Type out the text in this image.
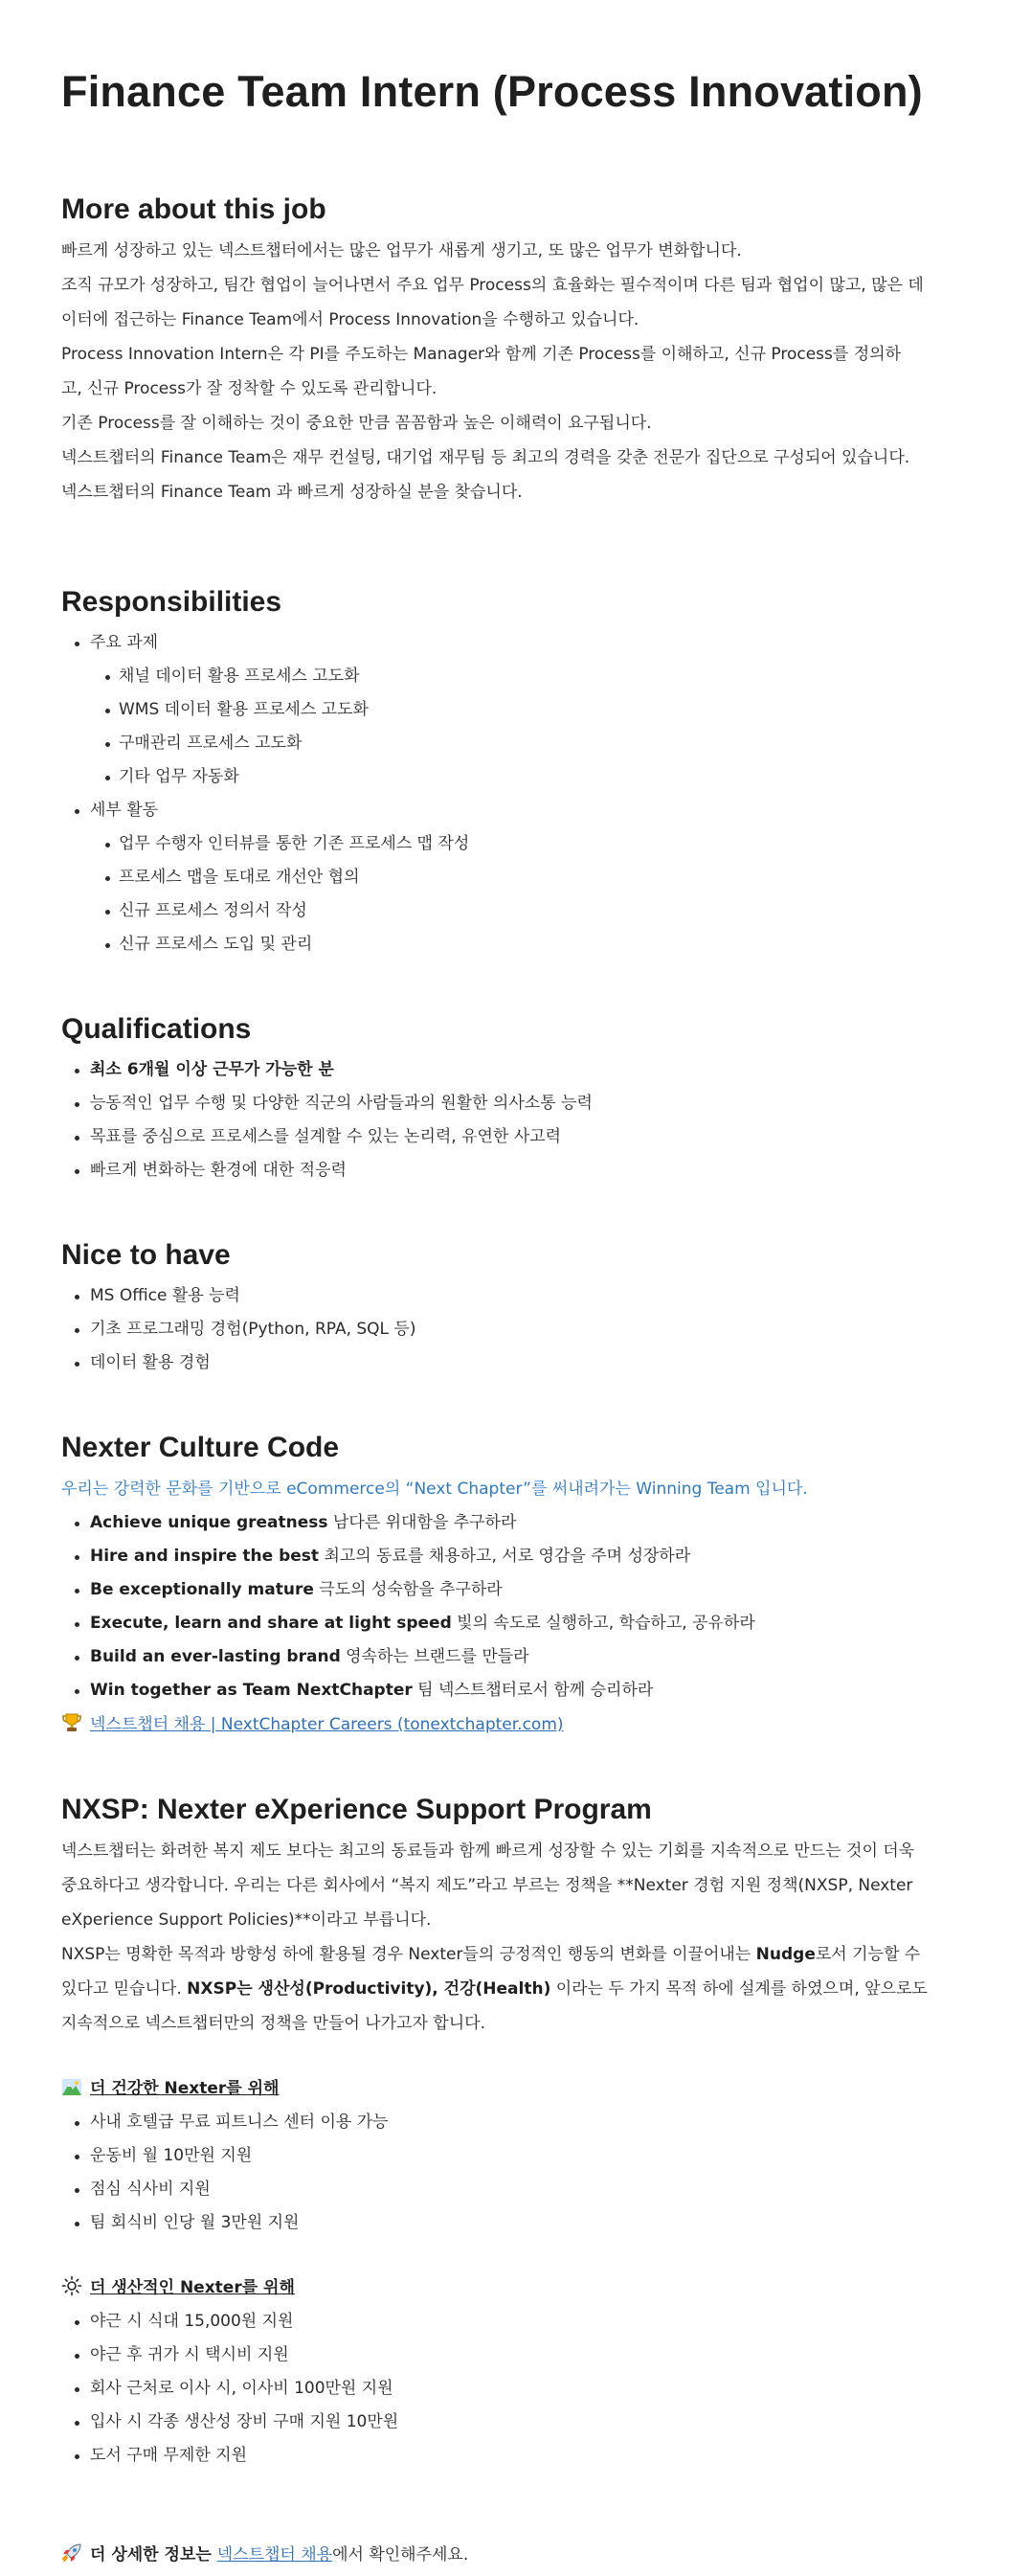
Finance Team Intern (Process Innovation)
More about this job

빠르게 성장하고 있는 넥스트챕터에서는 많은 업무가 새롭게 생기고, 또 많은 업무가 변화합니다.

조직 규모가 성장하고, 팀간 협업이 늘어나면서 주요 업무 Process의 효율화는 필수적이며 다른 팀과 협업이 많고, 많은 데

이터에 접근하는 Finance Team에서 Process Innovation을 수행하고 있습니다.

Process Innovation Intern은 각 PI를 주도하는 Manager와 함께 기존 Process를 이해하고, 신규 Process를 정의하

고, 신규 Process가 잘 정착할 수 있도록 관리합니다.

기존 Process를 잘 이해하는 것이 중요한 만큼 꼼꼼함과 높은 이해력이 요구됩니다.

넥스트챕터의 Finance Team은 재무 컨설팅, 대기업 재무팀 등 최고의 경력을 갖춘 전문가 집단으로 구성되어 있습니다.

넥스트챕터의 Finance Team 과 빠르게 성장하실 분을 찾습니다.

Responsibilities
주요 과제
채널 데이터 활용 프로세스 고도화
WMS 데이터 활용 프로세스 고도화
구매관리 프로세스 고도화
기타 업무 자동화
세부 활동
업무 수행자 인터뷰를 통한 기존 프로세스 맵 작성
프로세스 맵을 토대로 개선안 협의
신규 프로세스 정의서 작성
신규 프로세스 도입 및 관리
Qualifications
최소 6개월 이상 근무가 가능한 분
능동적인 업무 수행 및 다양한 직군의 사람들과의 원활한 의사소통 능력
목표를 중심으로 프로세스를 설계할 수 있는 논리력, 유연한 사고력
빠르게 변화하는 환경에 대한 적응력
Nice to have
MS Office 활용 능력
기초 프로그래밍 경험(Python, RPA, SQL 등)
데이터 활용 경험
Nexter Culture Code
우리는 강력한 문화를 기반으로 eCommerce의 “Next Chapter”를 써내려가는 Winning Team 입니다.
Achieve unique greatness 남다른 위대함을 추구하라
Hire and inspire the best 최고의 동료를 채용하고, 서로 영감을 주며 성장하라
Be exceptionally mature 극도의 성숙함을 추구하라
Execute, learn and share at light speed 빛의 속도로 실행하고, 학습하고, 공유하라
Build an ever-lasting brand 영속하는 브랜드를 만들라
Win together as Team NextChapter 팀 넥스트챕터로서 함께 승리하라

넥스트챕터 채용 | NextChapter Careers (tonextchapter.com)

NXSP: Nexter eXperience Support Program

넥스트챕터는 화려한 복지 제도 보다는 최고의 동료들과 함께 빠르게 성장할 수 있는 기회를 지속적으로 만드는 것이 더욱

중요하다고 생각합니다. 우리는 다른 회사에서 “복지 제도”라고 부르는 정책을 **Nexter 경험 지원 정책(NXSP, Nexter

eXperience Support Policies)**이라고 부릅니다.

NXSP는 명확한 목적과 방향성 하에 활용될 경우 Nexter들의 긍정적인 행동의 변화를 이끌어내는 Nudge로서 기능할 수

있다고 믿습니다. NXSP는 생산성(Productivity), 건강(Health) 이라는 두 가지 목적 하에 설계를 하였으며, 앞으로도

지속적으로 넥스트챕터만의 정책을 만들어 나가고자 합니다.

더 건강한 Nexter를 위해
사내 호텔급 무료 피트니스 센터 이용 가능
운동비 월 10만원 지원
점심 식사비 지원
팀 회식비 인당 월 3만원 지원
더 생산적인 Nexter를 위해
야근 시 식대 15,000원 지원
야근 후 귀가 시 택시비 지원
회사 근처로 이사 시, 이사비 100만원 지원
입사 시 각종 생산성 장비 구매 지원 10만원
도서 구매 무제한 지원

더 상세한 정보는 넥스트챕터 채용에서 확인해주세요.
